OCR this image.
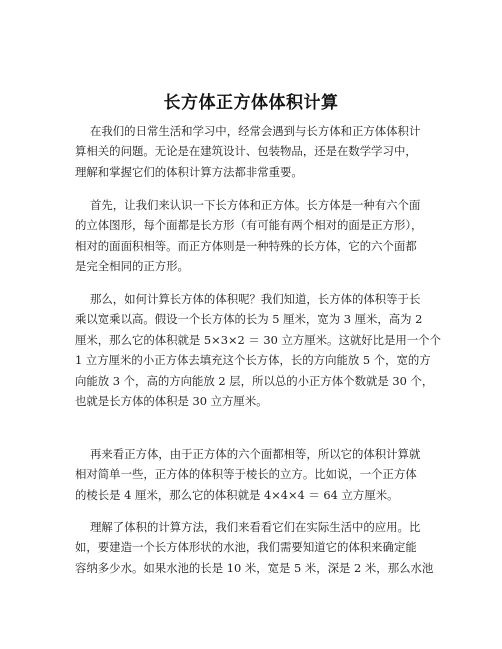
长方体正方体体积计算
在我们的日常生活和学习中，经常会遇到与长方体和正方体体积计
算相关的问题。无论是在建筑设计、包装物品，还是在数学学习中，
理解和掌握它们的体积计算方法都非常重要。
首先，让我们来认识一下长方体和正方体。长方体是一种有六个面
的立体图形，每个面都是长方形（有可能有两个相对的面是正方形），
相对的面面积相等。而正方体则是一种特殊的长方体，它的六个面都
是完全相同的正方形。
那么，如何计算长方体的体积呢？我们知道，长方体的体积等于长
乘以宽乘以高。假设一个长方体的长为 5 厘米，宽为 3 厘米，高为 2
厘米，那么它的体积就是 5×3×2 ＝ 30 立方厘米。这就好比是用一个个
1 立方厘米的小正方体去填充这个长方体，长的方向能放 5 个，宽的方
向能放 3 个，高的方向能放 2 层，所以总的小正方体个数就是 30 个，
也就是长方体的体积是 30 立方厘米。
再来看正方体，由于正方体的六个面都相等，所以它的体积计算就
相对简单一些，正方体的体积等于棱长的立方。比如说，一个正方体
的棱长是 4 厘米，那么它的体积就是 4×4×4 ＝ 64 立方厘米。
理解了体积的计算方法，我们来看看它们在实际生活中的应用。比
如，要建造一个长方体形状的水池，我们需要知道它的体积来确定能
容纳多少水。如果水池的长是 10 米，宽是 5 米，深是 2 米，那么水池
